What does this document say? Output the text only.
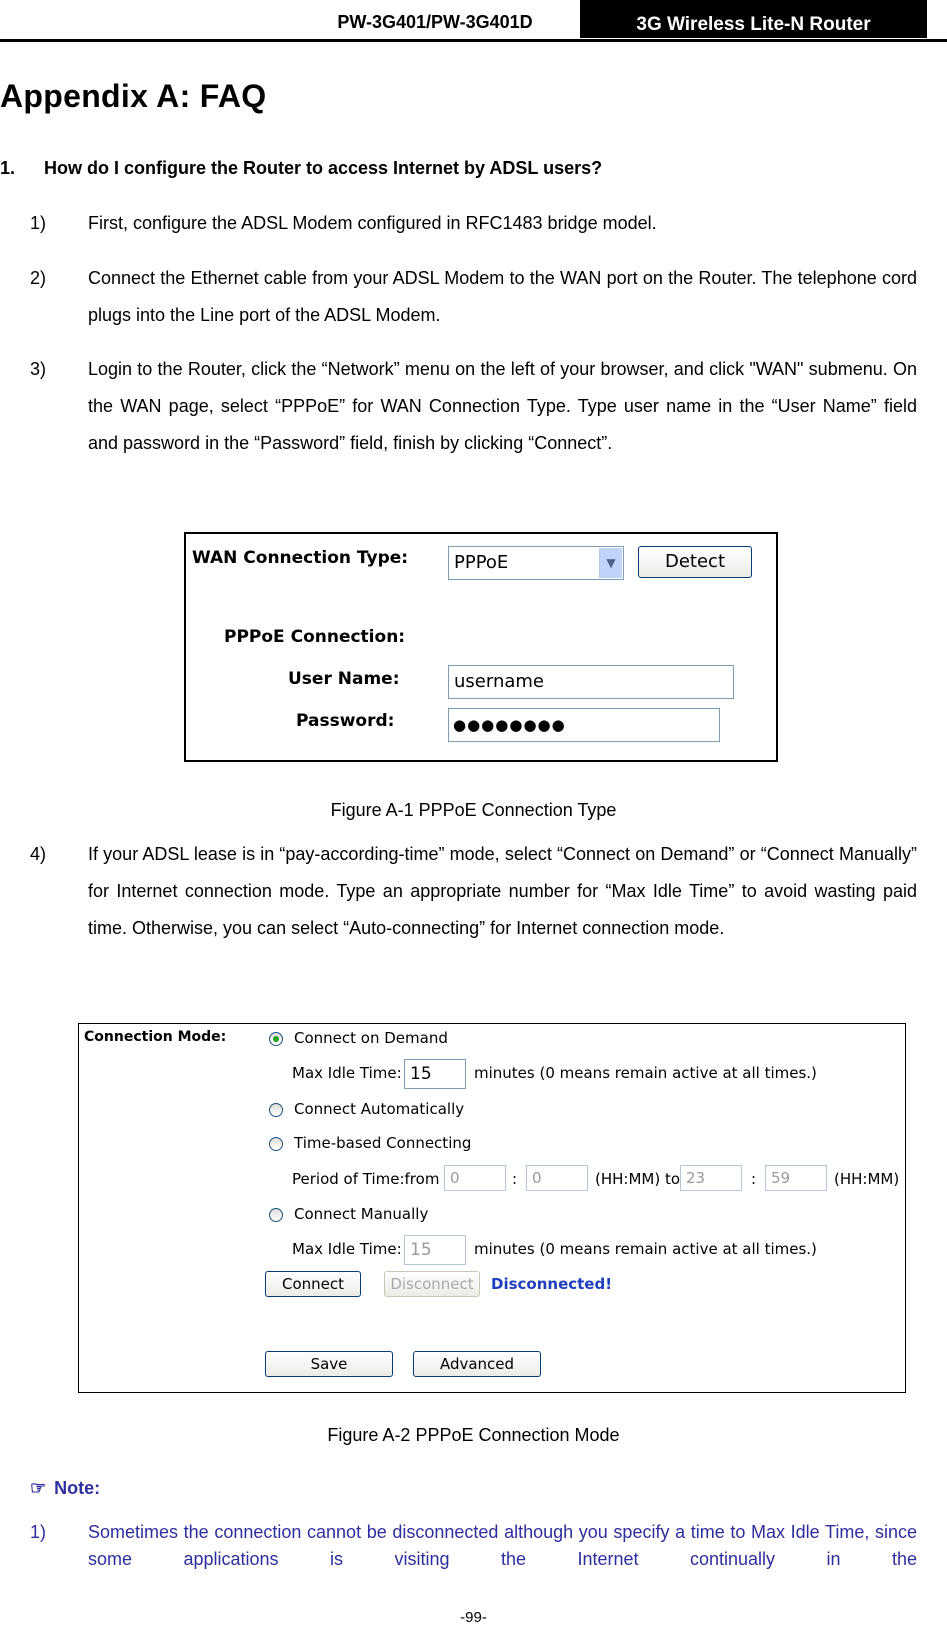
PW-3G401/PW-3G401D	3G Wireless Lite-N Router
Appendix A: FAQ
1. How do I configure the Router to access Internet by ADSL users?
1) First, configure the ADSL Modem configured in RFC1483 bridge model.
2) Connect the Ethernet cable from your ADSL Modem to the WAN port on the Router. The telephone cord plugs into the Line port of the ADSL Modem.
3) Login to the Router, click the “Network” menu on the left of your browser, and click "WAN" submenu. On the WAN page, select “PPPoE” for WAN Connection Type. Type user name in the “User Name” field and password in the “Password” field, finish by clicking “Connect”.
WAN Connection Type:	PPPoE	▼	Detect
PPPoE Connection:
User Name:	username
Password:	●●●●●●●●
Figure A-1 PPPoE Connection Type
4) If your ADSL lease is in “pay-according-time” mode, select “Connect on Demand” or “Connect Manually” for Internet connection mode. Type an appropriate number for “Max Idle Time” to avoid wasting paid time. Otherwise, you can select “Auto-connecting” for Internet connection mode.
Connection Mode:	Connect on Demand
Max Idle Time: 15	minutes (0 means remain active at all times.)
Connect Automatically
Time-based Connecting
Period of Time:from 0	: 0	(HH:MM) to 23	: 59	(HH:MM)
Connect Manually
Max Idle Time: 15	minutes (0 means remain active at all times.)
Connect	Disconnect	Disconnected!
Save	Advanced
Figure A-2 PPPoE Connection Mode
☞ Note:
1) Sometimes the connection cannot be disconnected although you specify a time to Max Idle Time, since some applications is visiting the Internet continually in the
-99-
